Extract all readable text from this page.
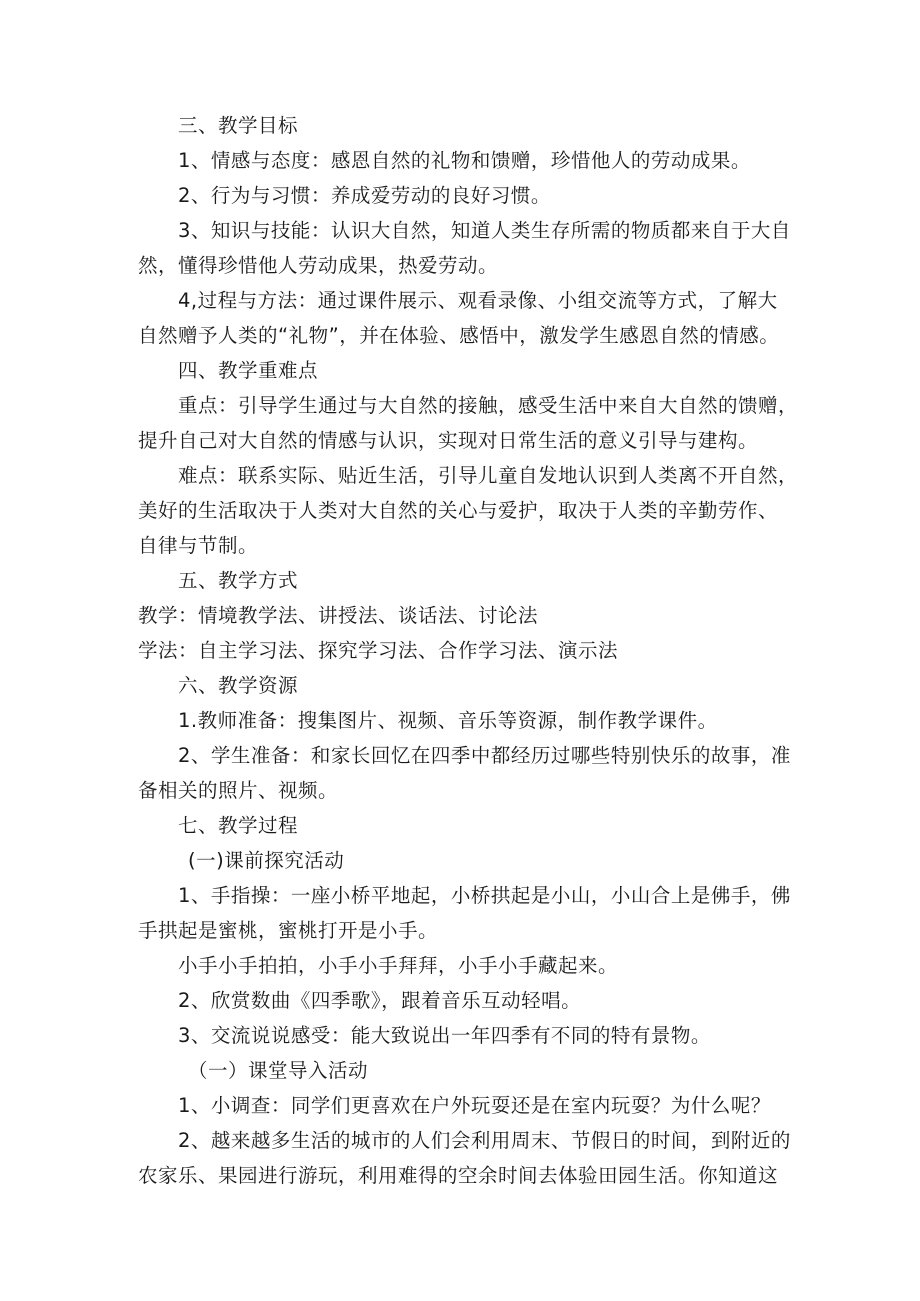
三、教学目标
1、情感与态度：感恩自然的礼物和馈赠，珍惜他人的劳动成果。
2、行为与习惯：养成爱劳动的良好习惯。
3、知识与技能：认识大自然，知道人类生存所需的物质都来自于大自
然，懂得珍惜他人劳动成果，热爱劳动。
4,过程与方法：通过课件展示、观看录像、小组交流等方式，了解大
自然赠予人类的“礼物”，并在体验、感悟中，激发学生感恩自然的情感。
四、教学重难点
重点：引导学生通过与大自然的接触，感受生活中来自大自然的馈赠，
提升自己对大自然的情感与认识，实现对日常生活的意义引导与建构。
难点：联系实际、贴近生活，引导儿童自发地认识到人类离不开自然，
美好的生活取决于人类对大自然的关心与爱护，取决于人类的辛勤劳作、
自律与节制。
五、教学方式
教学：情境教学法、讲授法、谈话法、讨论法
学法：自主学习法、探究学习法、合作学习法、演示法
六、教学资源
1.教师准备：搜集图片、视频、音乐等资源，制作教学课件。
2、学生准备：和家长回忆在四季中都经历过哪些特别快乐的故事，准
备相关的照片、视频。
七、教学过程
(一)课前探究活动
1、手指操：一座小桥平地起，小桥拱起是小山，小山合上是佛手，佛
手拱起是蜜桃，蜜桃打开是小手。
小手小手拍拍，小手小手拜拜，小手小手藏起来。
2、欣赏数曲《四季歌》，跟着音乐互动轻唱。
3、交流说说感受：能大致说出一年四季有不同的特有景物。
（一）课堂导入活动
1、小调查：同学们更喜欢在户外玩耍还是在室内玩耍？为什么呢？
2、越来越多生活的城市的人们会利用周末、节假日的时间，到附近的
农家乐、果园进行游玩，利用难得的空余时间去体验田园生活。你知道这
